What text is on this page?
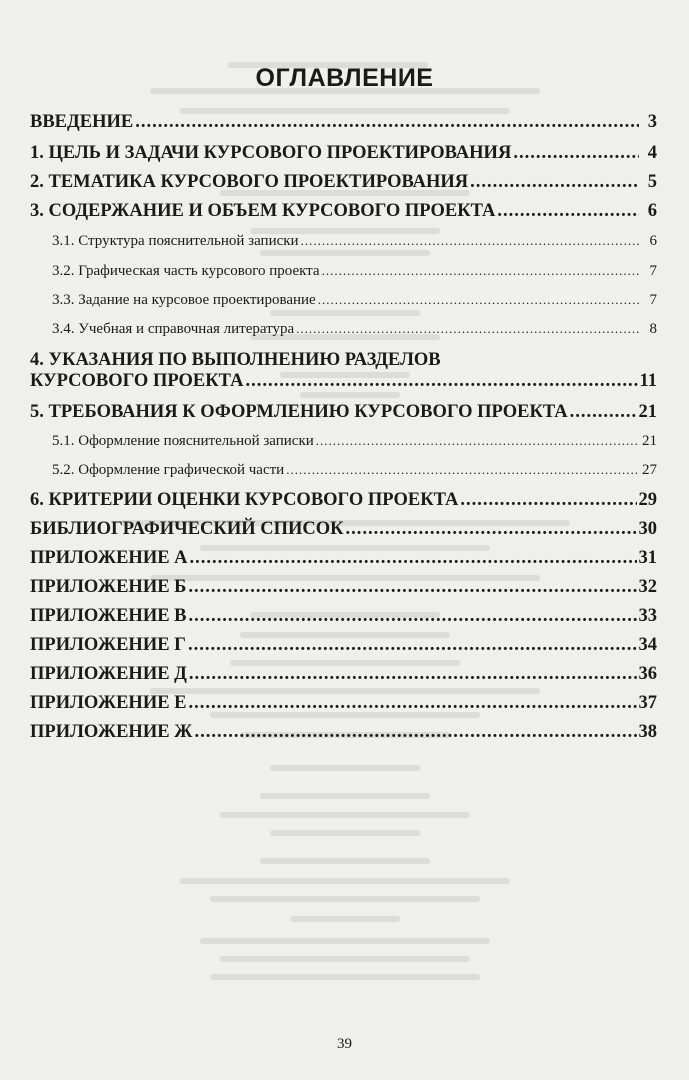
ОГЛАВЛЕНИЕ
ВВЕДЕНИЕ .....	3
1. ЦЕЛЬ И ЗАДАЧИ КУРСОВОГО ПРОЕКТИРОВАНИЯ .....	4
2. ТЕМАТИКА КУРСОВОГО ПРОЕКТИРОВАНИЯ .....	5
3. СОДЕРЖАНИЕ И ОБЪЕМ КУРСОВОГО ПРОЕКТА .....	6
3.1. Структура пояснительной записки .....	6
3.2. Графическая часть курсового проекта .....	7
3.3. Задание на курсовое проектирование .....	7
3.4. Учебная и справочная литература .....	8
4. УКАЗАНИЯ ПО ВЫПОЛНЕНИЮ РАЗДЕЛОВ
КУРСОВОГО ПРОЕКТА .....	11
5. ТРЕБОВАНИЯ К ОФОРМЛЕНИЮ КУРСОВОГО ПРОЕКТА .....	21
5.1. Оформление пояснительной записки .....	21
5.2. Оформление графической части .....	27
6. КРИТЕРИИ ОЦЕНКИ КУРСОВОГО ПРОЕКТА .....	29
БИБЛИОГРАФИЧЕСКИЙ СПИСОК .....	30
ПРИЛОЖЕНИЕ А .....	31
ПРИЛОЖЕНИЕ Б .....	32
ПРИЛОЖЕНИЕ В .....	33
ПРИЛОЖЕНИЕ Г .....	34
ПРИЛОЖЕНИЕ Д .....	36
ПРИЛОЖЕНИЕ Е .....	37
ПРИЛОЖЕНИЕ Ж .....	38
39
